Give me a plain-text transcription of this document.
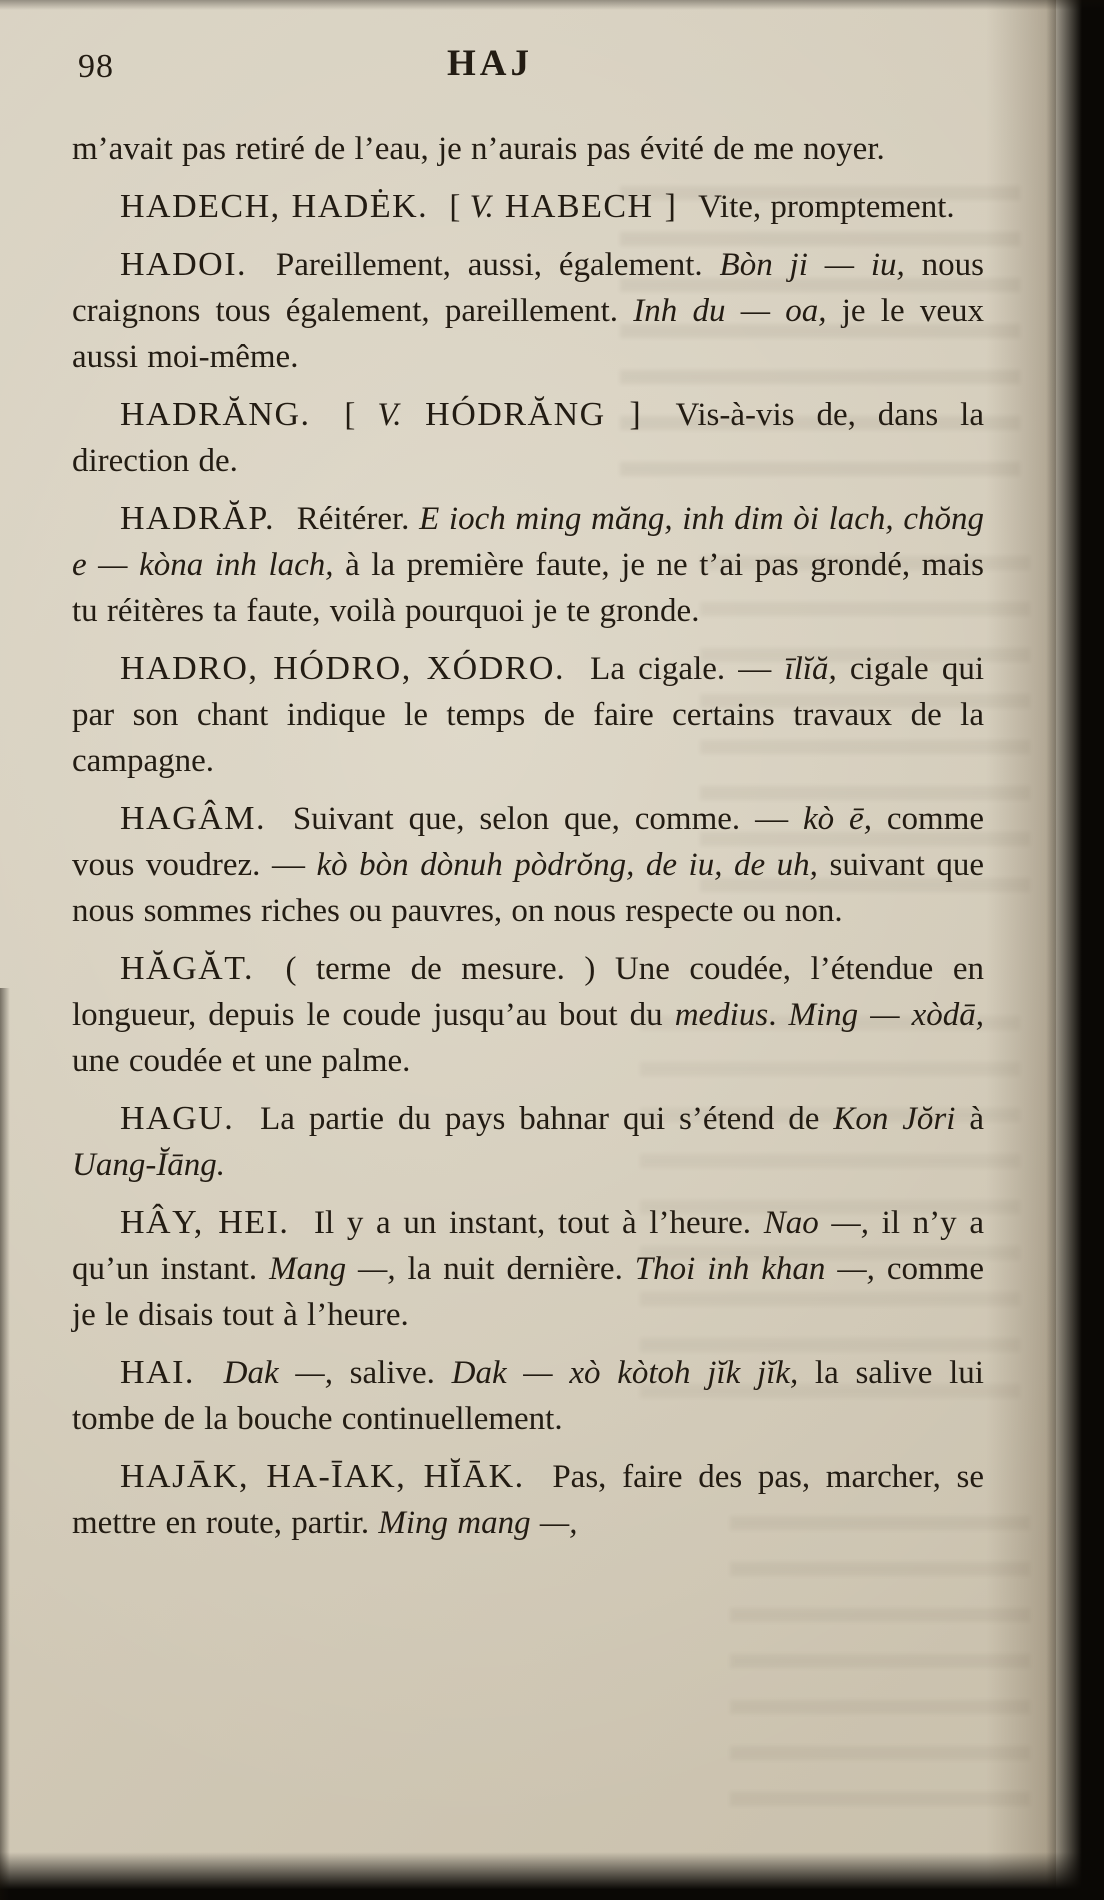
98	HAJ

m’avait pas retiré de l’eau, je n’aurais pas évité de me noyer.

HADECH, HADĖK. [ V. HABECH ] Vite, promptement.

HADOI. Pareillement, aussi, également. Bòn ji — iu, nous craignons tous également, pareillement. Inh du — oa, je le veux aussi moi-même.

HADRĂNG. [ V. HÓDRĂNG ] Vis-à-vis de, dans la direction de.

HADRĂP. Réitérer. E ioch ming măng, inh dim òi lach, chŏng e — kòna inh lach, à la première faute, je ne t’ai pas grondé, mais tu réitères ta faute, voilà pourquoi je te gronde.

HADRO, HÓDRO, XÓDRO. La cigale. — īlĭă, cigale qui par son chant indique le temps de faire certains travaux de la campagne.

HAGÂM. Suivant que, selon que, comme. — kò ē, comme vous voudrez. — kò bòn dònuh pòdrŏng, de iu, de uh, suivant que nous sommes riches ou pauvres, on nous respecte ou non.

HĂGĂT. ( terme de mesure. ) Une coudée, l’étendue en longueur, depuis le coude jusqu’au bout du medius. Ming — xòdā, une coudée et une palme.

HAGU. La partie du pays bahnar qui s’étend de Kon Jŏri à Uang-Ĭāng.

HÂY, HEI. Il y a un instant, tout à l’heure. Nao —, il n’y a qu’un instant. Mang —, la nuit dernière. Thoi inh khan —, comme je le disais tout à l’heure.

HAI. Dak —, salive. Dak — xò kòtoh jĭk jĭk, la salive lui tombe de la bouche continuellement.

HAJĀK, HA-ĪAK, HĬĀK. Pas, faire des pas, marcher, se mettre en route, partir. Ming mang —,
